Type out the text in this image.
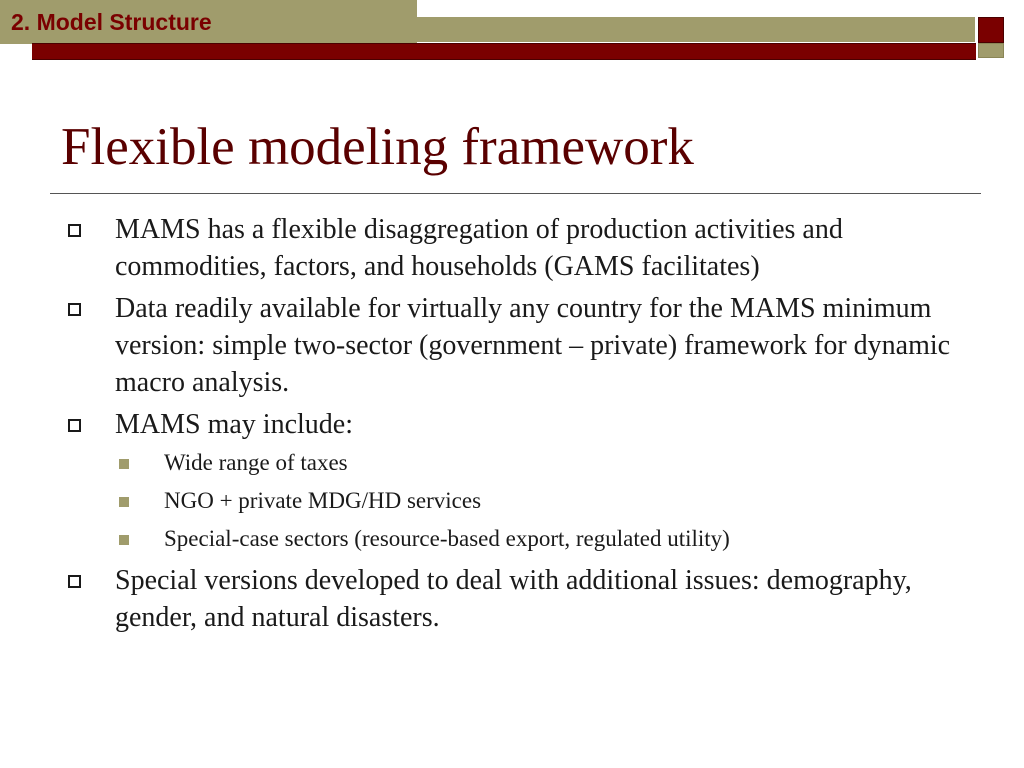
2. Model Structure
Flexible modeling framework
MAMS has a flexible disaggregation of production activities and commodities, factors, and households (GAMS facilitates)
Data readily available for virtually any country for the MAMS minimum version: simple two-sector (government – private) framework for dynamic macro analysis.
MAMS may include:
Wide range of taxes
NGO + private MDG/HD services
Special-case sectors (resource-based export, regulated utility)
Special versions developed to deal with additional issues: demography, gender, and natural disasters.
